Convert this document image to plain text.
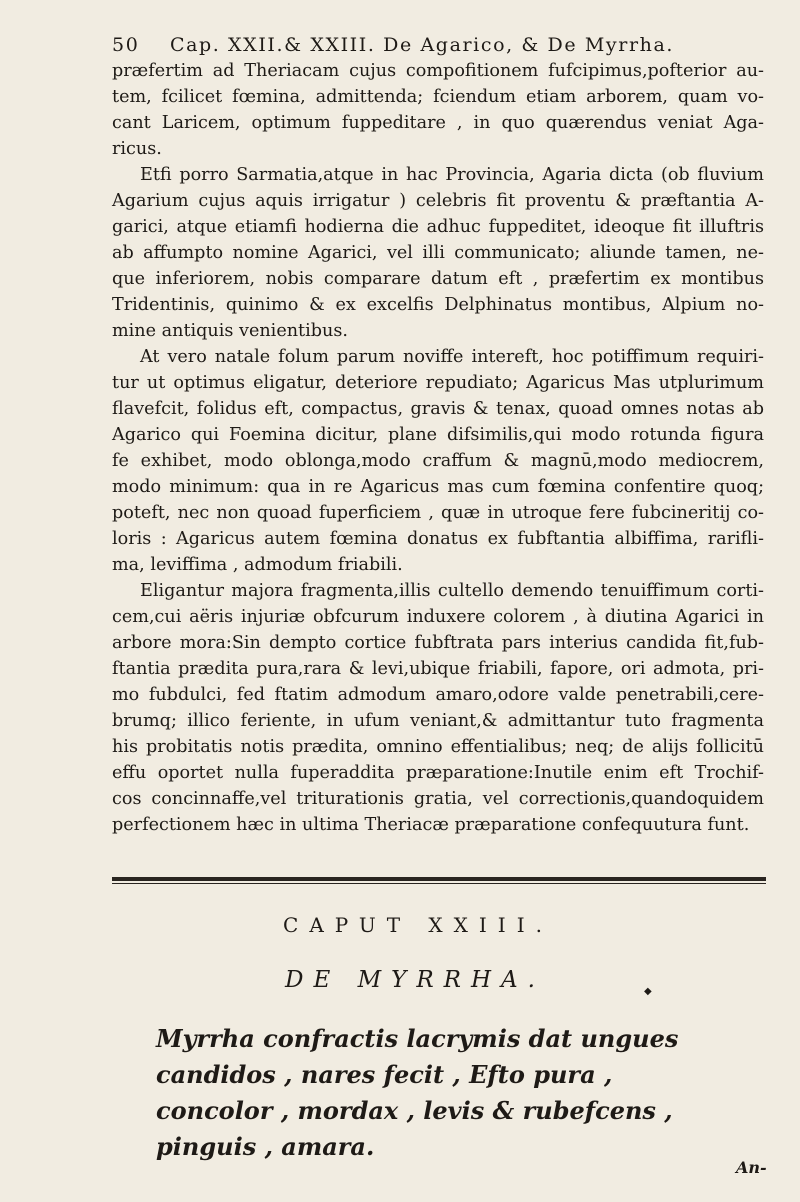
50 Cap. XXII.& XXIII. De Agarico, & De Myrrha.
præfertim ad Theriacam cujus compofitionem fufcipimus,pofterior au-
tem, fcilicet fœmina, admittenda; fciendum etiam arborem, quam vo-
cant Laricem, optimum fuppeditare , in quo quærendus veniat Aga-
ricus.
Etfi porro Sarmatia,atque in hac Provincia, Agaria dicta (ob fluvium
Agarium cujus aquis irrigatur ) celebris fit proventu & præftantia A-
garici, atque etiamfi hodierna die adhuc fuppeditet, ideoque fit illuftris
ab affumpto nomine Agarici, vel illi communicato; aliunde tamen, ne-
que inferiorem, nobis comparare datum eft , præfertim ex montibus
Tridentinis, quinimo & ex excelfis Delphinatus montibus, Alpium no-
mine antiquis venientibus.
At vero natale folum parum noviffe intereft, hoc potiffimum requiri-
tur ut optimus eligatur, deteriore repudiato; Agaricus Mas utplurimum
flavefcit, folidus eft, compactus, gravis & tenax, quoad omnes notas ab
Agarico qui Foemina dicitur, plane difsimilis,qui modo rotunda figura
fe exhibet, modo oblonga,modo craffum & magnū,modo mediocrem,
modo minimum: qua in re Agaricus mas cum fœmina confentire quoq;
poteft, nec non quoad fuperficiem , quæ in utroque fere fubcineritij co-
loris : Agaricus autem fœmina donatus ex fubftantia albiffima, rarifli-
ma, leviffima , admodum friabili.
Eligantur majora fragmenta,illis cultello demendo tenuiffimum corti-
cem,cui aëris injuriæ obfcurum induxere colorem , à diutina Agarici in
arbore mora:Sin dempto cortice fubftrata pars interius candida fit,fub-
ftantia prædita pura,rara & levi,ubique friabili, fapore, ori admota, pri-
mo fubdulci, fed ftatim admodum amaro,odore valde penetrabili,cere-
brumq; illico feriente, in ufum veniant,& admittantur tuto fragmenta
his probitatis notis prædita, omnino effentialibus; neq; de alijs follicitū
effu oportet nulla fuperaddita præparatione:Inutile enim eft Trochif-
cos concinnaffe,vel triturationis gratia, vel correctionis,quandoquidem
perfectionem hæc in ultima Theriacæ præparatione confequutura funt.
CAPUT XXIII.
◆
DE MYRRHA.
Myrrha confractis lacrymis dat ungues
candidos , nares fecit , Efto pura ,
concolor , mordax , levis & rubefcens ,
pinguis , amara.
An-
